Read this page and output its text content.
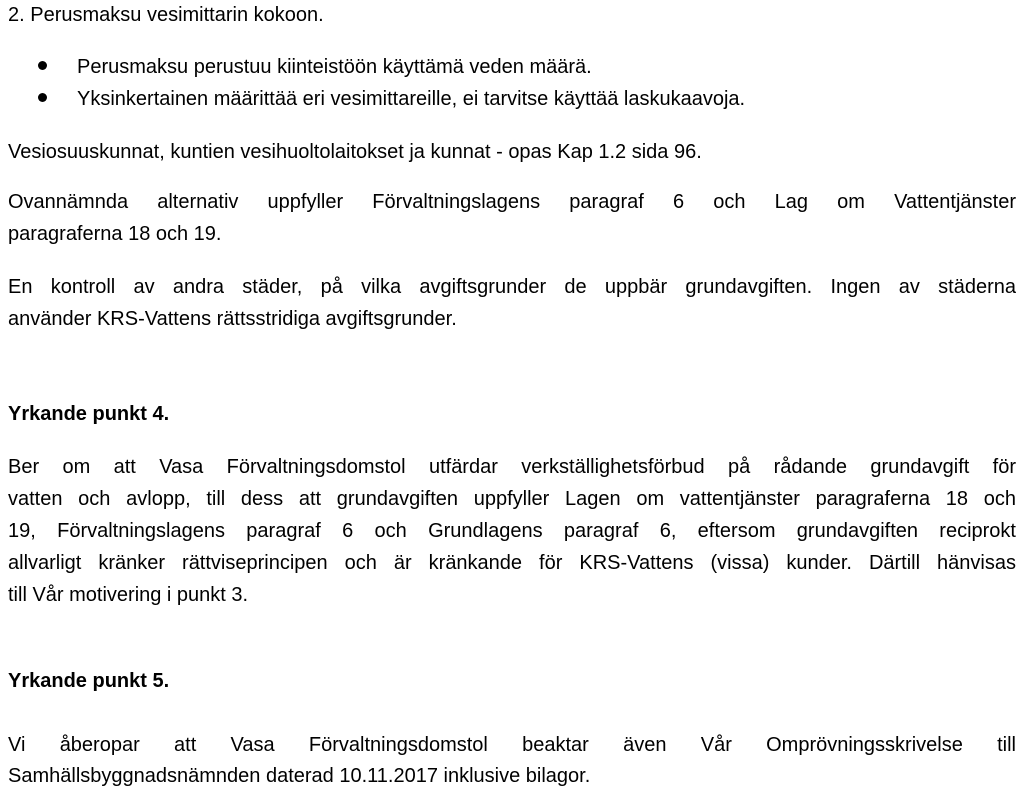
2. Perusmaksu vesimittarin kokoon.
Perusmaksu perustuu kiinteistöön käyttämä veden määrä.
Yksinkertainen määrittää eri vesimittareille, ei tarvitse käyttää laskukaavoja.
Vesiosuuskunnat, kuntien vesihuoltolaitokset ja kunnat - opas Kap 1.2 sida 96.
Ovannämnda alternativ uppfyller Förvaltningslagens paragraf 6 och Lag om Vattentjänster
paragraferna 18 och 19.
En kontroll av andra städer, på vilka avgiftsgrunder de uppbär grundavgiften. Ingen av städerna
använder KRS-Vattens rättsstridiga avgiftsgrunder.
Yrkande punkt 4.
Ber om att Vasa Förvaltningsdomstol utfärdar verkställighetsförbud på rådande grundavgift för
vatten och avlopp, till dess att grundavgiften uppfyller Lagen om vattentjänster paragraferna 18 och
19, Förvaltningslagens paragraf 6 och Grundlagens paragraf 6, eftersom grundavgiften reciprokt
allvarligt kränker rättviseprincipen och är kränkande för KRS-Vattens (vissa) kunder. Därtill hänvisas
till Vår motivering i punkt 3.
Yrkande punkt 5.
Vi åberopar att Vasa Förvaltningsdomstol beaktar även Vår Omprövningsskrivelse till
Samhällsbyggnadsnämnden daterad 10.11.2017 inklusive bilagor.
